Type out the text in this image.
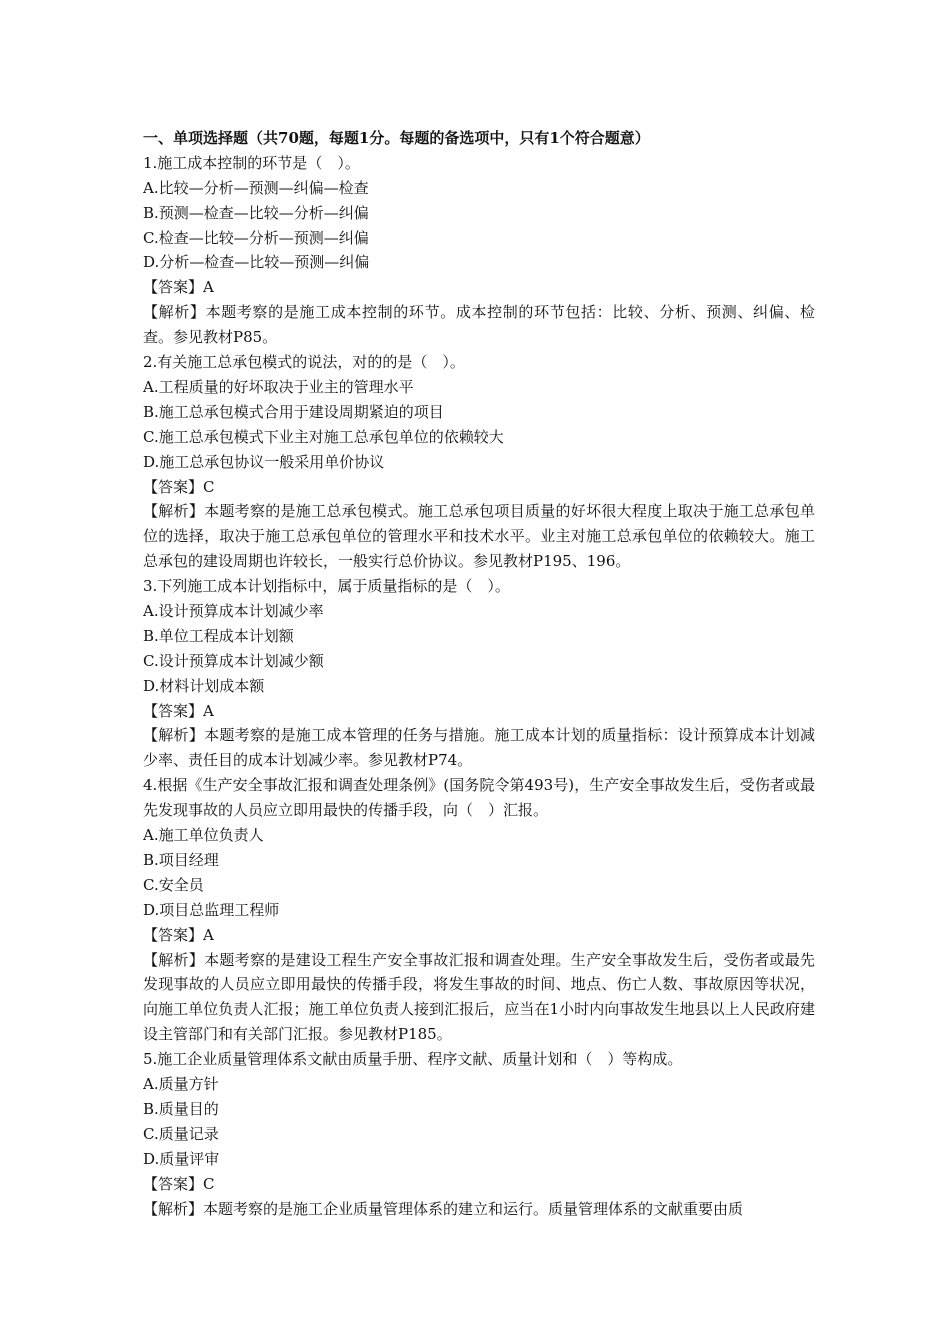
一、单项选择题（共70题，每题1分。每题的备选项中，只有1个符合题意）
1.施工成本控制的环节是（　）。
A.比较—分析—预测—纠偏—检查
B.预测—检查—比较—分析—纠偏
C.检查—比较—分析—预测—纠偏
D.分析—检查—比较—预测—纠偏
【答案】A
【解析】本题考察的是施工成本控制的环节。成本控制的环节包括：比较、分析、预测、纠偏、检查。参见教材P85。
2.有关施工总承包模式的说法，对的的是（　）。
A.工程质量的好坏取决于业主的管理水平
B.施工总承包模式合用于建设周期紧迫的项目
C.施工总承包模式下业主对施工总承包单位的依赖较大
D.施工总承包协议一般采用单价协议
【答案】C
【解析】本题考察的是施工总承包模式。施工总承包项目质量的好坏很大程度上取决于施工总承包单位的选择，取决于施工总承包单位的管理水平和技术水平。业主对施工总承包单位的依赖较大。施工总承包的建设周期也许较长，一般实行总价协议。参见教材P195、196。
3.下列施工成本计划指标中，属于质量指标的是（　）。
A.设计预算成本计划减少率
B.单位工程成本计划额
C.设计预算成本计划减少额
D.材料计划成本额
【答案】A
【解析】本题考察的是施工成本管理的任务与措施。施工成本计划的质量指标：设计预算成本计划减少率、责任目的成本计划减少率。参见教材P74。
4.根据《生产安全事故汇报和调查处理条例》(国务院令第493号)，生产安全事故发生后，受伤者或最先发现事故的人员应立即用最快的传播手段，向（　）汇报。
A.施工单位负责人
B.项目经理
C.安全员
D.项目总监理工程师
【答案】A
【解析】本题考察的是建设工程生产安全事故汇报和调查处理。生产安全事故发生后，受伤者或最先发现事故的人员应立即用最快的传播手段，将发生事故的时间、地点、伤亡人数、事故原因等状况，向施工单位负责人汇报；施工单位负责人接到汇报后，应当在1小时内向事故发生地县以上人民政府建设主管部门和有关部门汇报。参见教材P185。
5.施工企业质量管理体系文献由质量手册、程序文献、质量计划和（　）等构成。
A.质量方针
B.质量目的
C.质量记录
D.质量评审
【答案】C
【解析】本题考察的是施工企业质量管理体系的建立和运行。质量管理体系的文献重要由质
